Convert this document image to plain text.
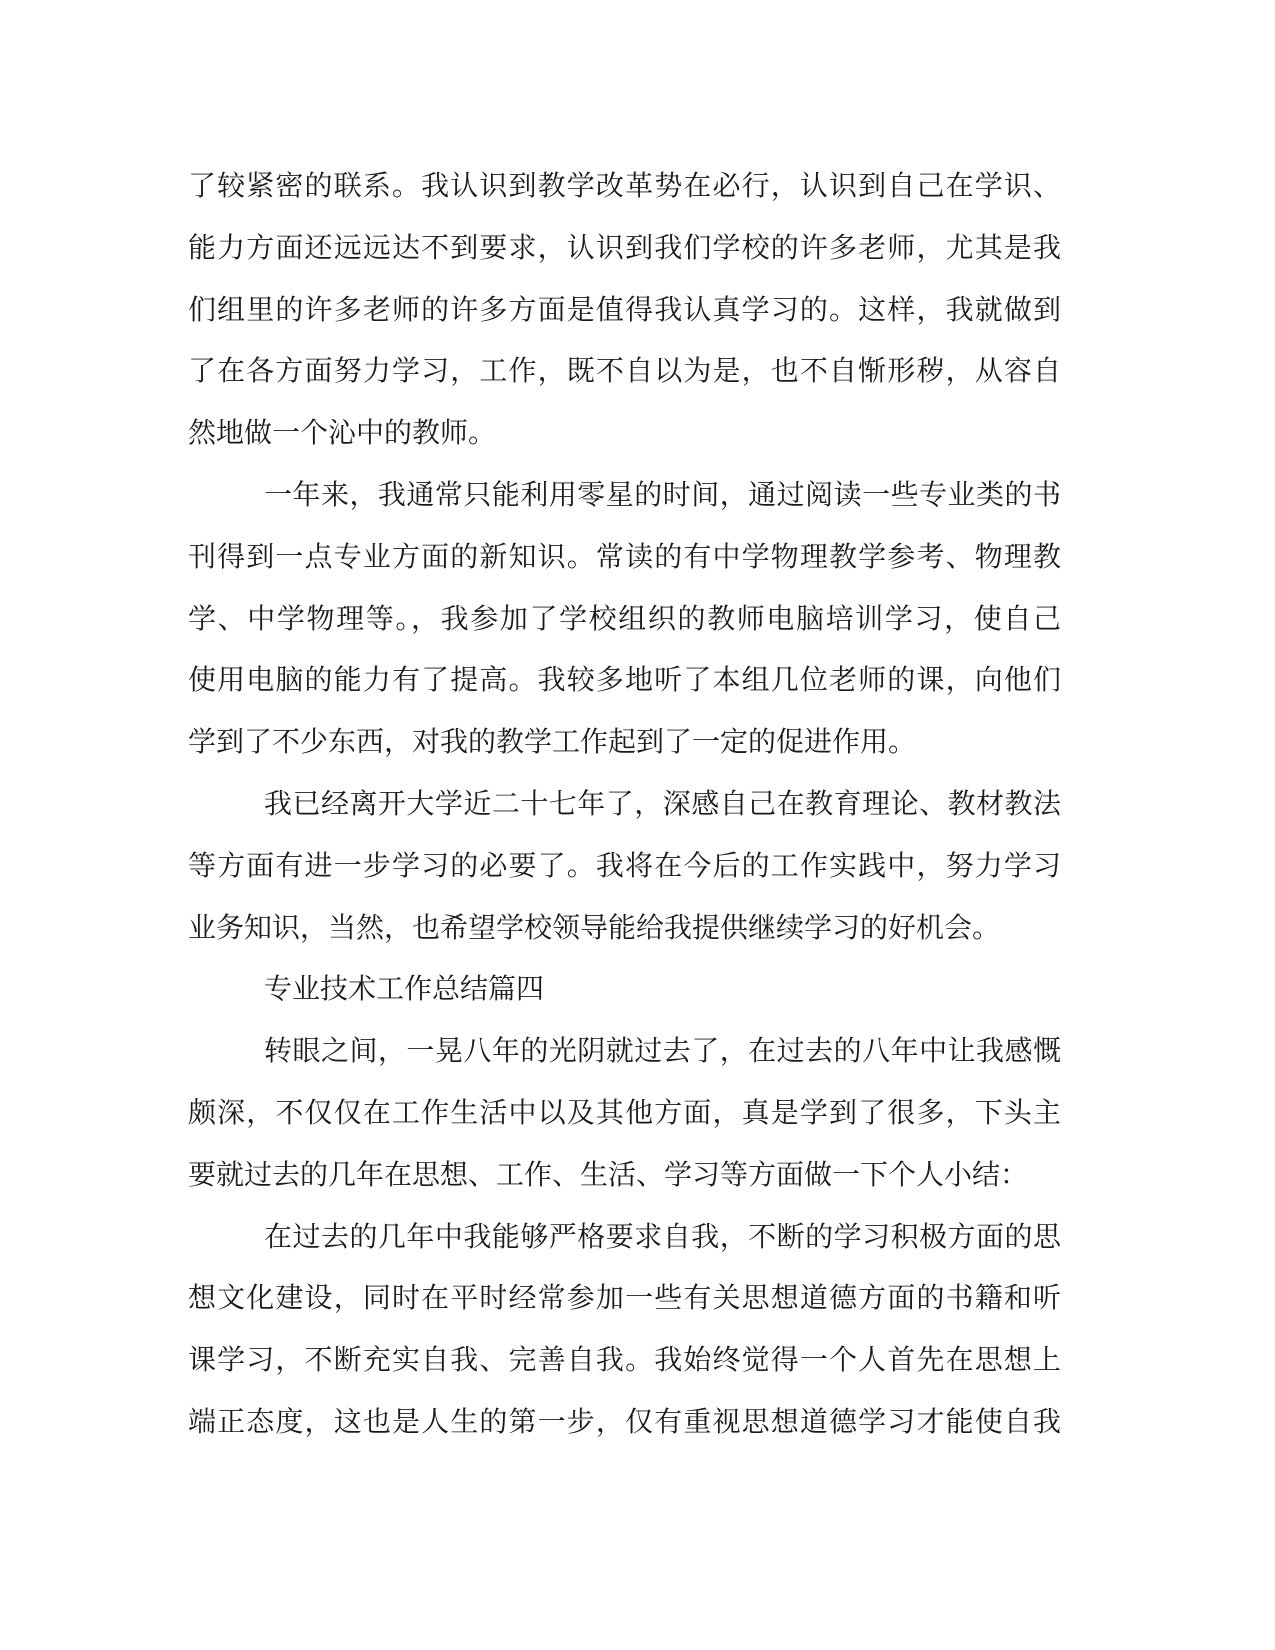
了较紧密的联系。我认识到教学改革势在必行，认识到自己在学识、
能力方面还远远达不到要求，认识到我们学校的许多老师，尤其是我
们组里的许多老师的许多方面是值得我认真学习的。这样，我就做到
了在各方面努力学习，工作，既不自以为是，也不自惭形秽，从容自
然地做一个沁中的教师。
一年来，我通常只能利用零星的时间，通过阅读一些专业类的书
刊得到一点专业方面的新知识。常读的有中学物理教学参考、物理教
学、中学物理等。，我参加了学校组织的教师电脑培训学习，使自己
使用电脑的能力有了提高。我较多地听了本组几位老师的课，向他们
学到了不少东西，对我的教学工作起到了一定的促进作用。
我已经离开大学近二十七年了，深感自己在教育理论、教材教法
等方面有进一步学习的必要了。我将在今后的工作实践中，努力学习
业务知识，当然，也希望学校领导能给我提供继续学习的好机会。
专业技术工作总结篇四
转眼之间，一晃八年的光阴就过去了，在过去的八年中让我感慨
颇深，不仅仅在工作生活中以及其他方面，真是学到了很多，下头主
要就过去的几年在思想、工作、生活、学习等方面做一下个人小结：
在过去的几年中我能够严格要求自我，不断的学习积极方面的思
想文化建设，同时在平时经常参加一些有关思想道德方面的书籍和听
课学习，不断充实自我、完善自我。我始终觉得一个人首先在思想上
端正态度，这也是人生的第一步，仅有重视思想道德学习才能使自我
